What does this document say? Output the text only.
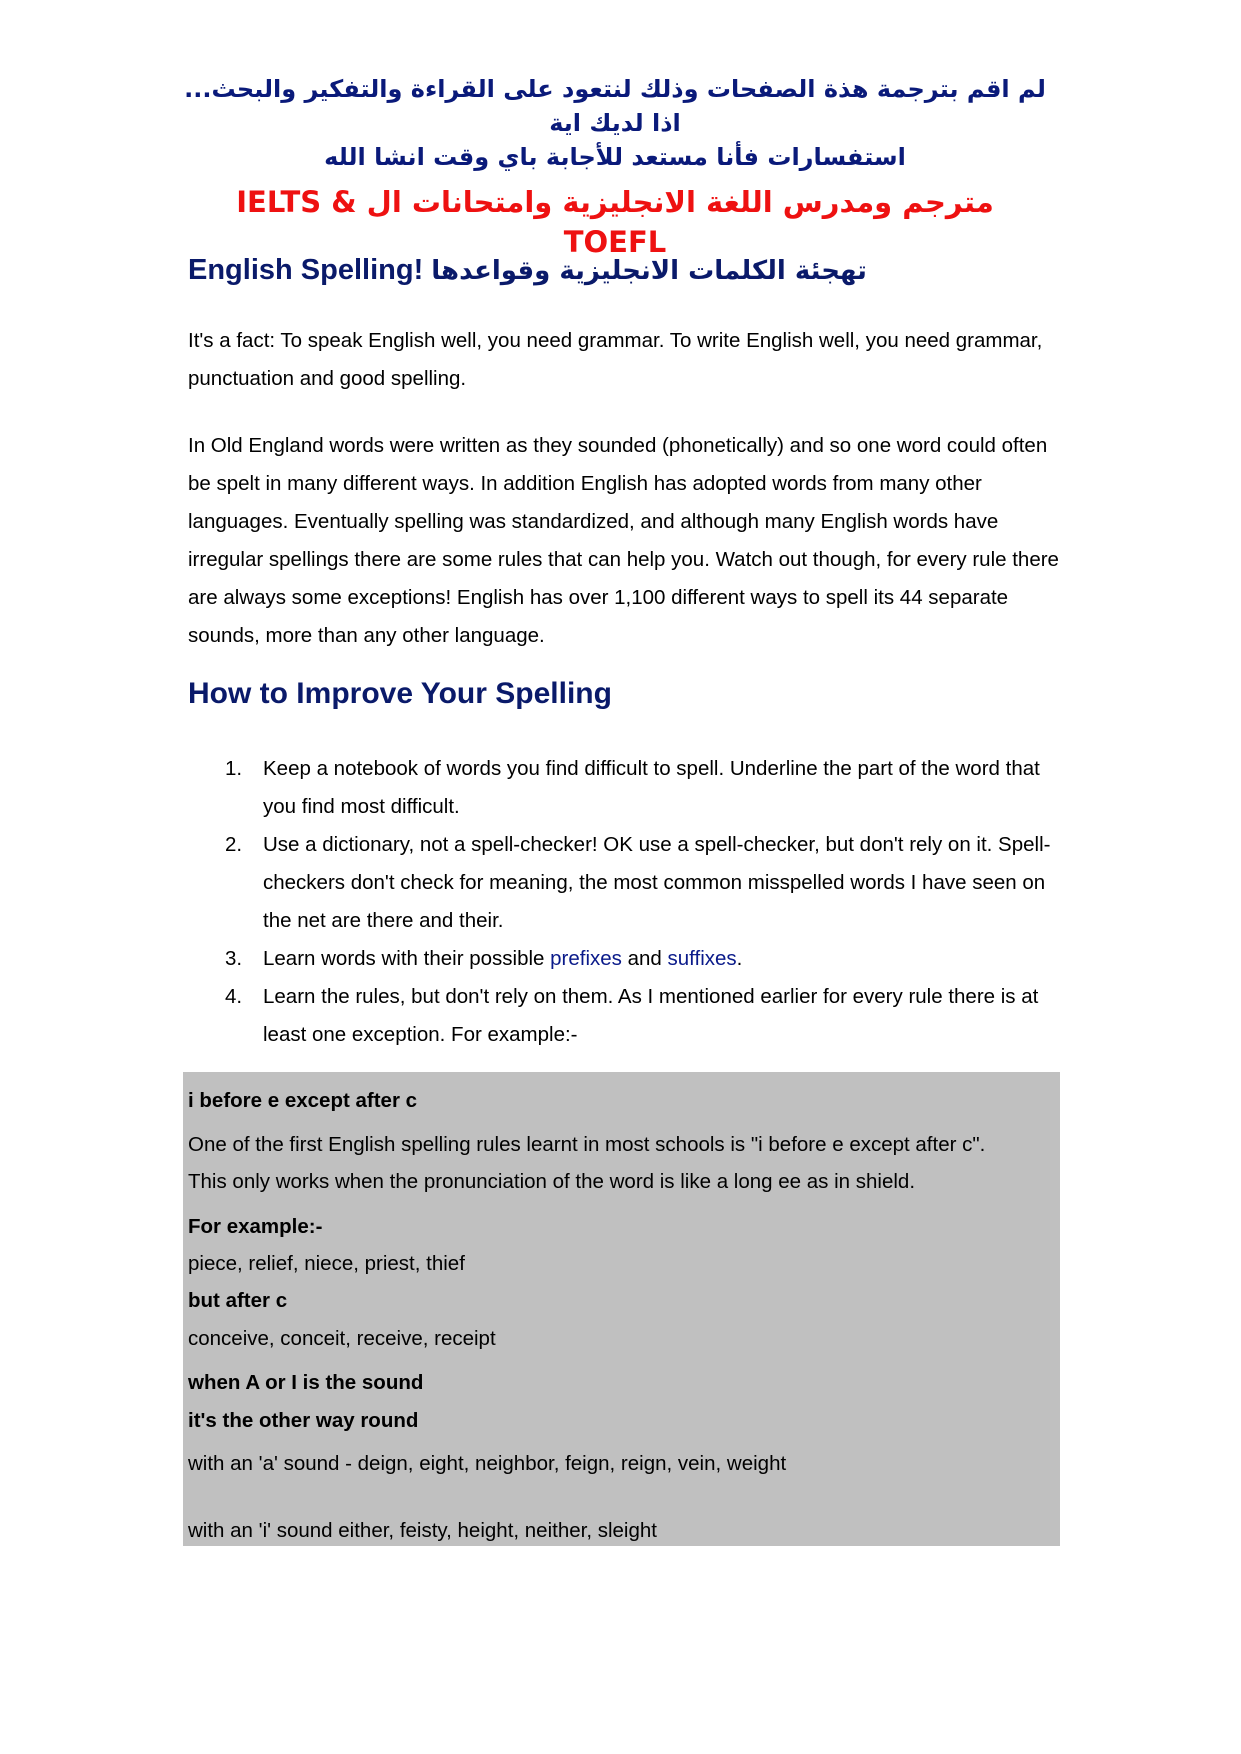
لم اقم بترجمة هذة الصفحات وذلك لنتعود على القراءة والتفكير والبحث... اذا لديك اية

استفسارات فأنا مستعد للأجابة باي وقت انشا الله

مترجم ومدرس اللغة الانجليزية وامتحانات ال IELTS & TOEFL
English Spelling! تهجئة الكلمات الانجليزية وقواعدها

It's a fact: To speak English well, you need grammar. To write English well, you need grammar, punctuation and good spelling.

In Old England words were written as they sounded (phonetically) and so one word could often be spelt in many different ways. In addition English has adopted words from many other languages. Eventually spelling was standardized, and although many English words have irregular spellings there are some rules that can help you. Watch out though, for every rule there are always some exceptions! English has over 1,100 different ways to spell its 44 separate sounds, more than any other language.

How to Improve Your Spelling
1. Keep a notebook of words you find difficult to spell. Underline the part of the word that you find most difficult.
2. Use a dictionary, not a spell-checker! OK use a spell-checker, but don't rely on it. Spell-checkers don't check for meaning, the most common misspelled words I have seen on the net are there and their.
3. Learn words with their possible prefixes and suffixes.
4. Learn the rules, but don't rely on them. As I mentioned earlier for every rule there is at least one exception. For example:-
i before e except after c
One of the first English spelling rules learnt in most schools is "i before e except after c".
This only works when the pronunciation of the word is like a long ee as in shield.
For example:-
piece, relief, niece, priest, thief
but after c
conceive, conceit, receive, receipt
when A or I is the sound
it's the other way round
with an 'a' sound - deign, eight, neighbor, feign, reign, vein, weight
with an 'i' sound either, feisty, height, neither, sleight
